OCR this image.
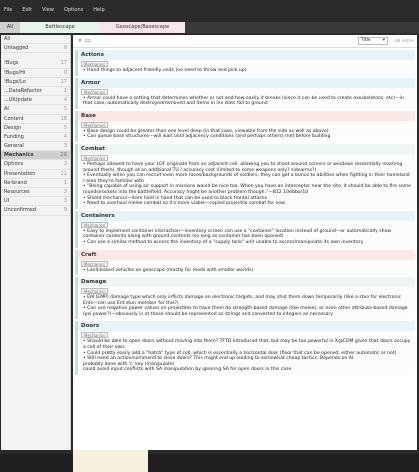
File Edit View Options Help
All	Battlescape	Geoscape/Basescape
All
Untagged	0
!Bugs	17
!Bugs/Hi	0
!Bugs/Lo	17
...DataRefactor	1
...UIUpdate	4
AI	5
Content	18
Design	5
Funding	4
General	3
Mechanics	28
Options	3
Presentation	11
Re-brand	1
Resources	3
UI	3
Unconfirmed	9
⌕ ▭	Title	▾	28 notes
Actions
Mechanics

• Hand things to adjacent friendly units (no need to throw and pick up)

Armor
Mechanics

• Armor could have a setting that determines whether or not and how easily it breaks (since it can be used to create exoskeletons, etc)—in that case, automatically destroyed/removed and items in inv slots fall to ground

Base
Mechanics

• Base design could be greater than one level deep (in that case, viewable from the side as well as above)

• Can queue base structures—will wait until adjacency conditions (and perhaps others) met before building

Combat
Mechanics

• Perhaps allowed to have your LOF originate from an adjacent cell, allowing you to shoot around corners or windows (essentially reaching around them), though at an additional TU / accuracy cost (limited to some weapons only? sidearms?)

• Eventually when you can recruit even more races/backgrounds of soldiers, they can get a bonus to abilities when fighting in their homeland / area they're familiar with

• "Being capable of using air support in missions would be nice too. When you have an interceptor near the site, it should be able to fire some rounds/rockets into the battlefield. Accuracy might be another problem though."—B12 10ebbor10

• Shield mechanics—item held in hand that can be used to block frontal attacks

• Need to overhaul melee combat so it's more viable—copied projectile combat for now

Containers
Mechanics

• Easy to implement container interaction—inventory screen can use a "container" location instead of ground—or automatically show container contents along with ground contents (so long as container has been opened)

• Can use a similar method to access the inventory of a "supply tank" unit unable to access/manipulate its own inventory

Craft
Mechanics

• Land-based vehicles on geoscape (mostly for mods with smaller worlds)

Damage
Mechanics

• EM (EMP) damage type which only inflicts damage on electronic targets, and may shut them down temporarily (like a stun for electronic Ents—can use Ent stun member for this?)

• Can use negative power values on projectiles to have them do strength-based damage (like melee), or even other attribute-based damage (psi power?)—obviously in xt these should be represented as strings and converted to integers as necessary

Doors
Mechanics

• Should be able to open doors without moving into them? TFTD introduced that, but may be too powerful in X@COM given that doors occupy a cell of their own.

• Could pretty easily add a "hatch" type of cell, which is essentially a horizontal door (floor that can be opened, either automatic or not)

• Still need an action/command to close doors? This might end up leading to somewhat cheap tactics. Depends on AI.

probably done with 'c' key (manipulate)

could avoid input conflicts with SA manipulation by ignoring SA for open doors in this case
